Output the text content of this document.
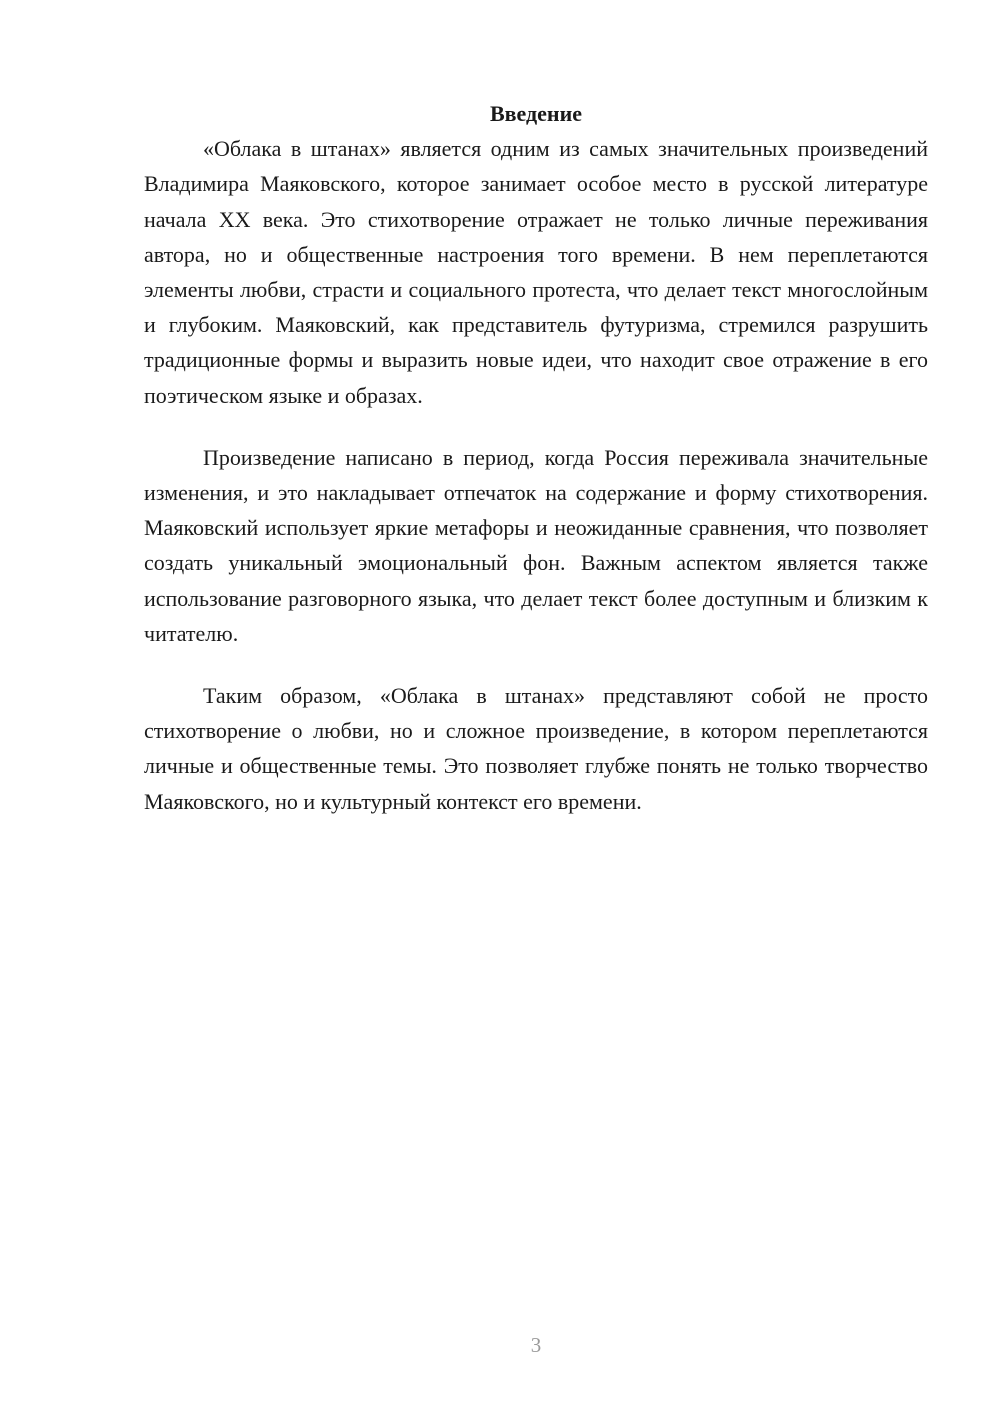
Введение

«Облака в штанах» является одним из самых значительных произведений Владимира Маяковского, которое занимает особое место в русской литературе начала XX века. Это стихотворение отражает не только личные переживания автора, но и общественные настроения того времени. В нем переплетаются элементы любви, страсти и социального протеста, что делает текст многослойным и глубоким. Маяковский, как представитель футуризма, стремился разрушить традиционные формы и выразить новые идеи, что находит свое отражение в его поэтическом языке и образах.

Произведение написано в период, когда Россия переживала значительные изменения, и это накладывает отпечаток на содержание и форму стихотворения. Маяковский использует яркие метафоры и неожиданные сравнения, что позволяет создать уникальный эмоциональный фон. Важным аспектом является также использование разговорного языка, что делает текст более доступным и близким к читателю.

Таким образом, «Облака в штанах» представляют собой не просто стихотворение о любви, но и сложное произведение, в котором переплетаются личные и общественные темы. Это позволяет глубже понять не только творчество Маяковского, но и культурный контекст его времени.

3
